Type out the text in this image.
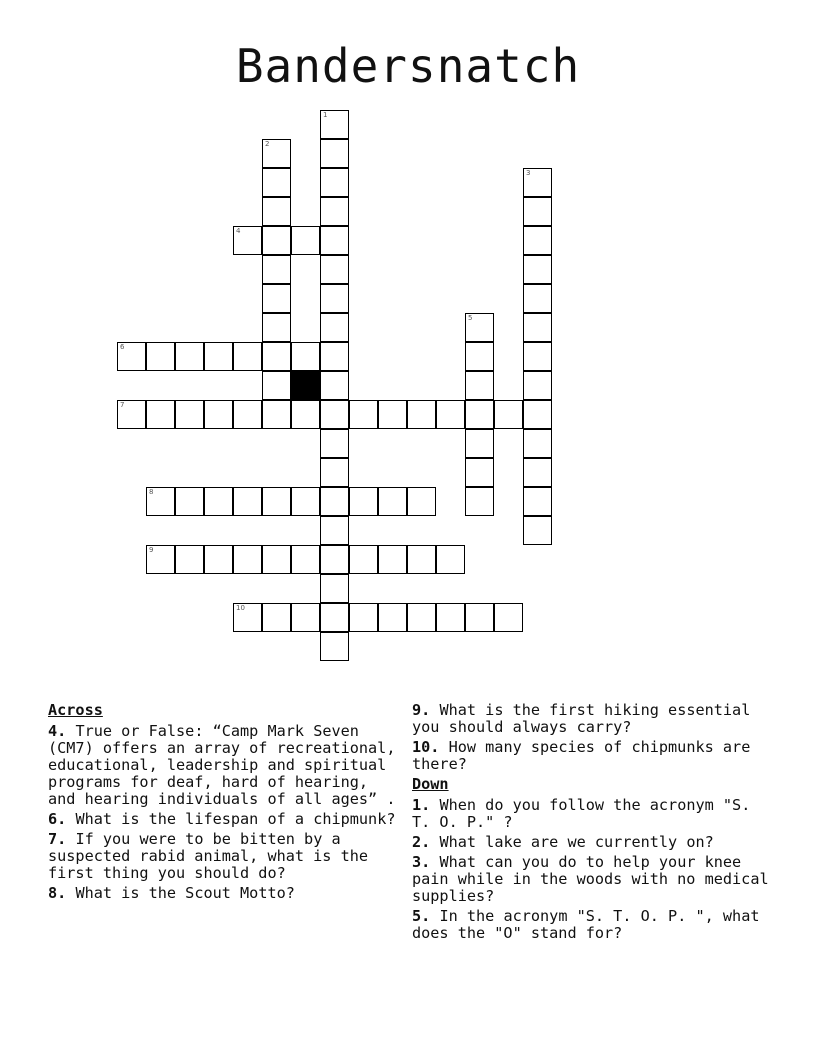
Bandersnatch
1
2
3
4
5
6
7
8
9
10
Across
4. True or False: “Camp Mark Seven (CM7) offers an array of recreational, educational, leadership and spiritual programs for deaf, hard of hearing, and hearing individuals of all ages” .
6. What is the lifespan of a chipmunk?
7. If you were to be bitten by a suspected rabid animal, what is the first thing you should do?
8. What is the Scout Motto?
9. What is the first hiking essential you should always carry?
10. How many species of chipmunks are there?
Down
1. When do you follow the acronym "S. T. O. P." ?
2. What lake are we currently on?
3. What can you do to help your knee pain while in the woods with no medical supplies?
5. In the acronym "S. T. O. P. ", what does the "O" stand for?
